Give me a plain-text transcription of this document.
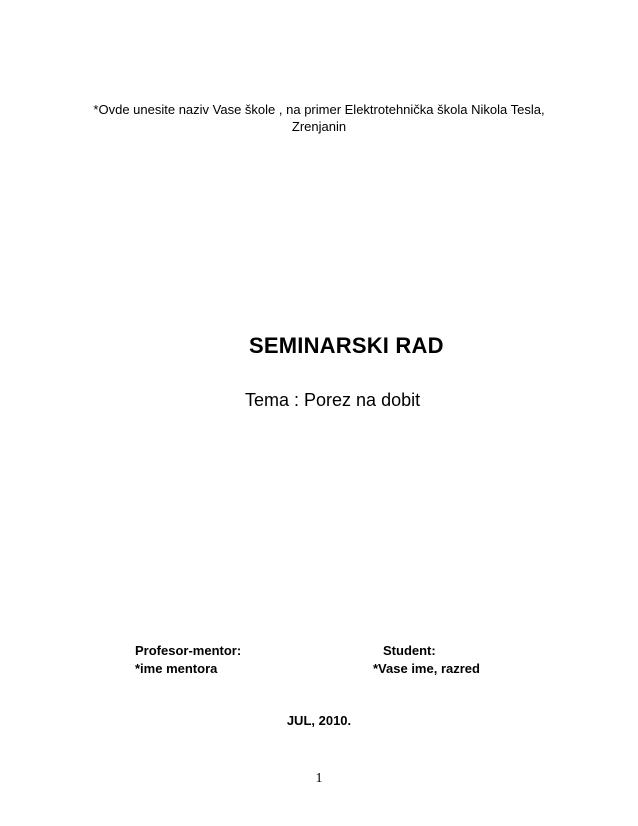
*Ovde unesite naziv Vase škole , na primer Elektrotehnička škola Nikola Tesla,
Zrenjanin
SEMINARSKI RAD
Tema : Porez na dobit
Profesor-mentor:
*ime mentora
Student:
*Vase ime, razred
JUL, 2010.
1
